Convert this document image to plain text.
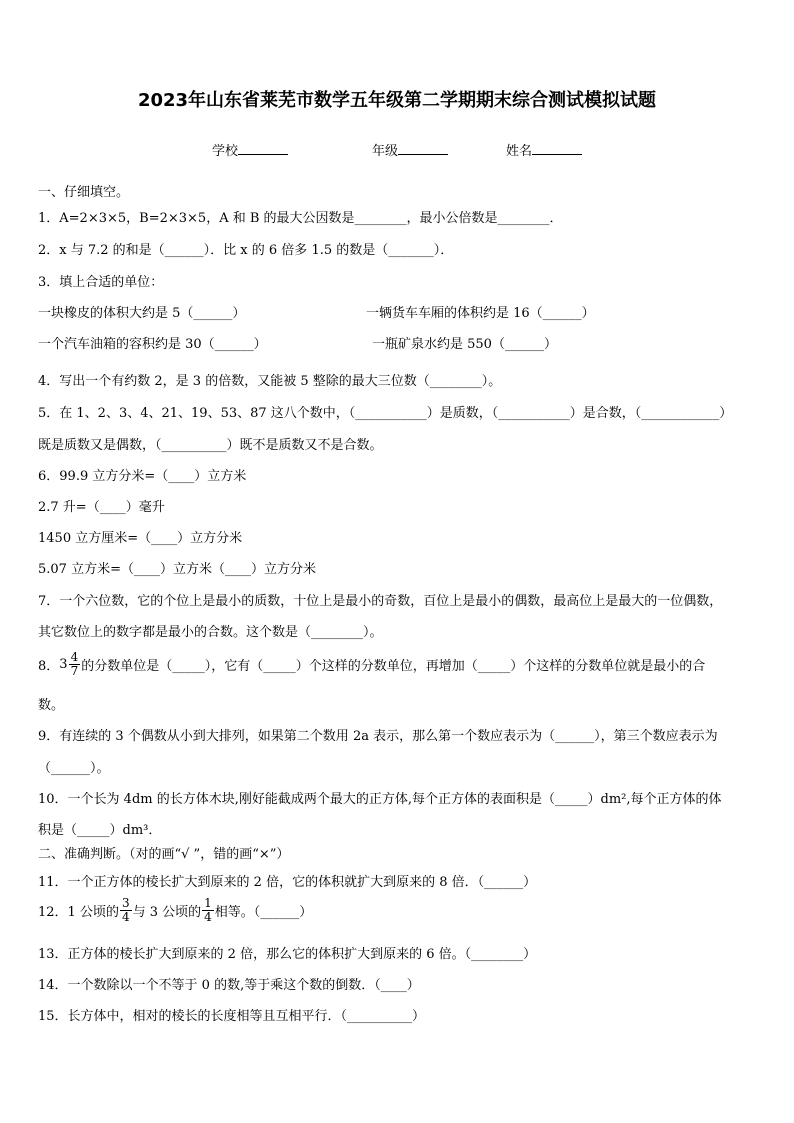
2023年山东省莱芜市数学五年级第二学期期末综合测试模拟试题
学校	年级	姓名
一、仔细填空。
1．A=2×3×5，B=2×3×5，A 和 B 的最大公因数是________，最小公倍数是________．
2．x 与 7.2 的和是（______）．比 x 的 6 倍多 1.5 的数是（_______）．
3．填上合适的单位：
一块橡皮的体积大约是 5（______）	一辆货车车厢的体积约是 16（______）
一个汽车油箱的容积约是 30（______）	一瓶矿泉水约是 550（______）
4．写出一个有约数 2，是 3 的倍数，又能被 5 整除的最大三位数（________）。
5．在 1、2、3、4、21、19、53、87 这八个数中，（___________）是质数，（___________）是合数，（____________）
既是质数又是偶数，（__________）既不是质数又不是合数。
6．99.9 立方分米=（____）立方米
2.7 升=（____）毫升
1450 立方厘米=（____）立方分米
5.07 立方米=（____）立方米（____）立方分米
7．一个六位数，它的个位上是最小的质数，十位上是最小的奇数，百位上是最小的偶数，最高位上是最大的一位偶数，
其它数位上的数字都是最小的合数。这个数是（________）。
8．$3 \frac{4}{7}$ 的分数单位是（_____），它有（_____）个这样的分数单位，再增加（_____）个这样的分数单位就是最小的合
数。
9．有连续的 3 个偶数从小到大排列，如果第二个数用 2a 表示，那么第一个数应表示为（______），第三个数应表示为
（______）。
10．一个长为 4dm 的长方体木块,刚好能截成两个最大的正方体,每个正方体的表面积是（_____）dm²,每个正方体的体
积是（_____）dm³．
二、准确判断。（对的画“√ ”，错的画“×”）
11．一个正方体的棱长扩大到原来的 2 倍，它的体积就扩大到原来的 8 倍．（______）
12．1 公顷的 $\frac{3}{4}$ 与 3 公顷的 $\frac{1}{4}$ 相等。（______）
13．正方体的棱长扩大到原来的 2 倍，那么它的体积扩大到原来的 6 倍。（________）
14．一个数除以一个不等于 0 的数,等于乘这个数的倒数．（____）
15．长方体中，相对的棱长的长度相等且互相平行．（__________）
